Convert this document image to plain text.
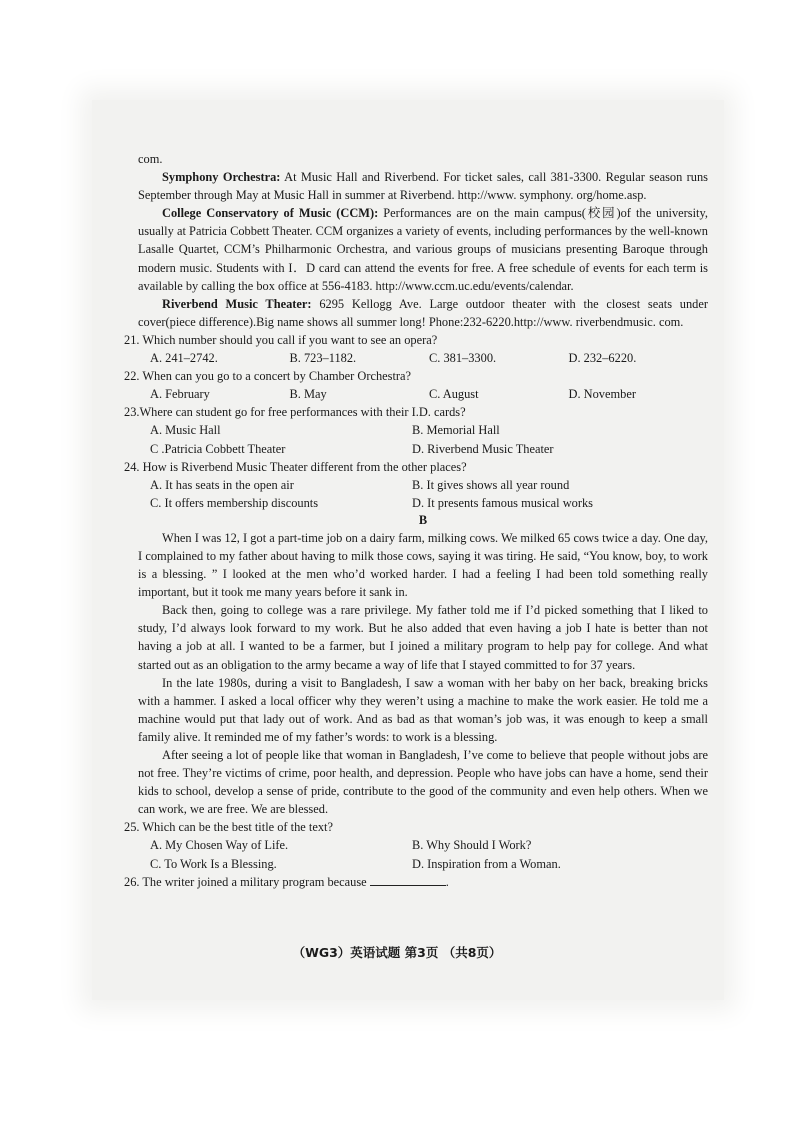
com.

Symphony Orchestra: At Music Hall and Riverbend. For ticket sales, call 381-3300. Regular season runs September through May at Music Hall in summer at Riverbend. http://www. symphony. org/home.asp.

College Conservatory of Music (CCM): Performances are on the main campus(校园)of the university, usually at Patricia Cobbett Theater. CCM organizes a variety of events, including performances by the well-known Lasalle Quartet, CCM’s Philharmonic Orchestra, and various groups of musicians presenting Baroque through modern music. Students with I．D card can attend the events for free. A free schedule of events for each term is available by calling the box office at 556-4183. http://www.ccm.uc.edu/events/calendar.

Riverbend Music Theater: 6295 Kellogg Ave. Large outdoor theater with the closest seats under cover(piece difference).Big name shows all summer long! Phone:232-6220.http://www. riverbendmusic. com.

21. Which number should you call if you want to see an opera?

A. 241–2742.	B. 723–1182.	C. 381–3300.	D. 232–6220.

22. When can you go to a concert by Chamber Orchestra?

A. February	B. May	C. August	D. November

23.Where can student go for free performances with their I.D. cards?

A. Music Hall	B. Memorial Hall
C .Patricia Cobbett Theater	D. Riverbend Music Theater

24. How is Riverbend Music Theater different from the other places?

A. It has seats in the open air	B. It gives shows all year round
C. It offers membership discounts	D. It presents famous musical works

B

When I was 12, I got a part-time job on a dairy farm, milking cows. We milked 65 cows twice a day. One day, I complained to my father about having to milk those cows, saying it was tiring. He said, “You know, boy, to work is a blessing. ” I looked at the men who’d worked harder. I had a feeling I had been told something really important, but it took me many years before it sank in.

Back then, going to college was a rare privilege. My father told me if I’d picked something that I liked to study, I’d always look forward to my work. But he also added that even having a job I hate is better than not having a job at all. I wanted to be a farmer, but I joined a military program to help pay for college. And what started out as an obligation to the army became a way of life that I stayed committed to for 37 years.

In the late 1980s, during a visit to Bangladesh, I saw a woman with her baby on her back, breaking bricks with a hammer. I asked a local officer why they weren’t using a machine to make the work easier. He told me a machine would put that lady out of work. And as bad as that woman’s job was, it was enough to keep a small family alive. It reminded me of my father’s words: to work is a blessing.

After seeing a lot of people like that woman in Bangladesh, I’ve come to believe that people without jobs are not free. They’re victims of crime, poor health, and depression. People who have jobs can have a home, send their kids to school, develop a sense of pride, contribute to the good of the community and even help others. When we can work, we are free. We are blessed.

25. Which can be the best title of the text?

A. My Chosen Way of Life.	B. Why Should I Work?
C. To Work Is a Blessing.	D. Inspiration from a Woman.

26. The writer joined a military program because	.

（WG3）英语试题 第3页 （共8页）
